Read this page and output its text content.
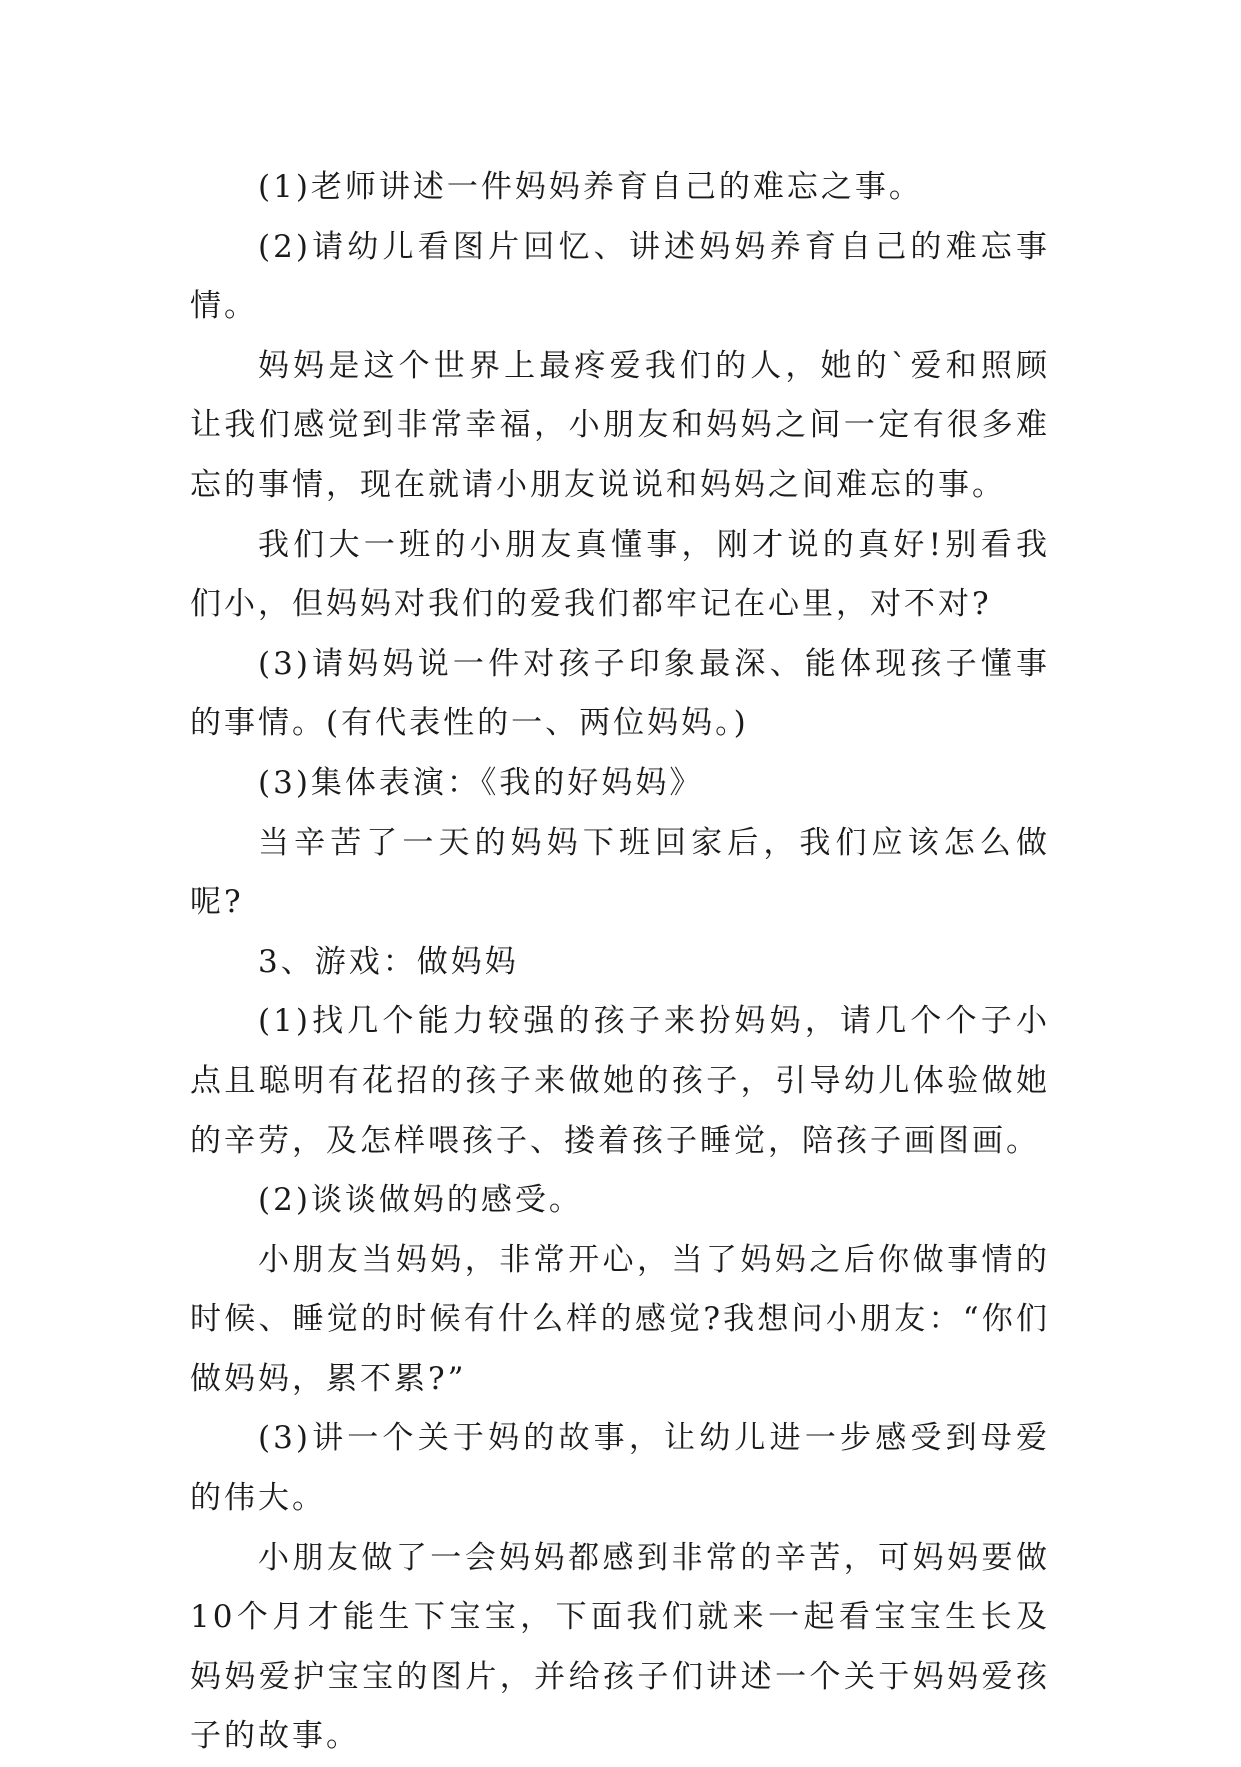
(1)老师讲述一件妈妈养育自己的难忘之事。

(2)请幼儿看图片回忆、讲述妈妈养育自己的难忘事情。

妈妈是这个世界上最疼爱我们的人，她的`爱和照顾让我们感觉到非常幸福，小朋友和妈妈之间一定有很多难忘的事情，现在就请小朋友说说和妈妈之间难忘的事。

我们大一班的小朋友真懂事，刚才说的真好!别看我们小，但妈妈对我们的爱我们都牢记在心里，对不对?

(3)请妈妈说一件对孩子印象最深、能体现孩子懂事的事情。(有代表性的一、两位妈妈。)

(3)集体表演：《我的好妈妈》

当辛苦了一天的妈妈下班回家后，我们应该怎么做呢?

3、游戏：做妈妈

(1)找几个能力较强的孩子来扮妈妈，请几个个子小点且聪明有花招的孩子来做她的孩子，引导幼儿体验做她的辛劳，及怎样喂孩子、搂着孩子睡觉，陪孩子画图画。

(2)谈谈做妈的感受。

小朋友当妈妈，非常开心，当了妈妈之后你做事情的时候、睡觉的时候有什么样的感觉?我想问小朋友：“你们做妈妈，累不累?”

(3)讲一个关于妈的故事，让幼儿进一步感受到母爱的伟大。

小朋友做了一会妈妈都感到非常的辛苦，可妈妈要做10个月才能生下宝宝，下面我们就来一起看宝宝生长及妈妈爱护宝宝的图片，并给孩子们讲述一个关于妈妈爱孩子的故事。
